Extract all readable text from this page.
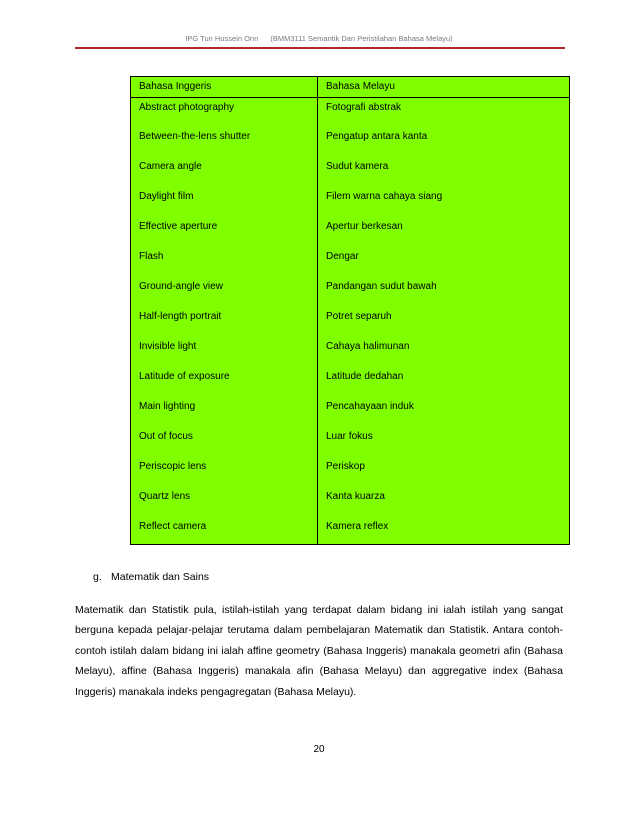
IPG Tun Hussein Onn (BMM3111 Semantik Dan Peristilahan Bahasa Melayu)
Bahasa Inggeris	Bahasa Melayu
Abstract photography	Fotografi abstrak
Between-the-lens shutter	Pengatup antara kanta
Camera angle	Sudut kamera
Daylight film	Filem warna cahaya siang
Effective aperture	Apertur berkesan
Flash	Dengar
Ground-angle view	Pandangan sudut bawah
Half-length portrait	Potret separuh
Invisible light	Cahaya halimunan
Latitude of exposure	Latitude dedahan
Main lighting	Pencahayaan induk
Out of focus	Luar fokus
Periscopic lens	Periskop
Quartz lens	Kanta kuarza
Reflect camera	Kamera reflex
g. Matematik dan Sains

Matematik dan Statistik pula, istilah-istilah yang terdapat dalam bidang ini ialah istilah yang sangat berguna kepada pelajar-pelajar terutama dalam pembelajaran Matematik dan Statistik. Antara contoh-contoh istilah dalam bidang ini ialah affine geometry (Bahasa Inggeris) manakala geometri afin (Bahasa Melayu), affine (Bahasa Inggeris) manakala afin (Bahasa Melayu) dan aggregative index (Bahasa Inggeris) manakala indeks pengagregatan (Bahasa Melayu).

20
